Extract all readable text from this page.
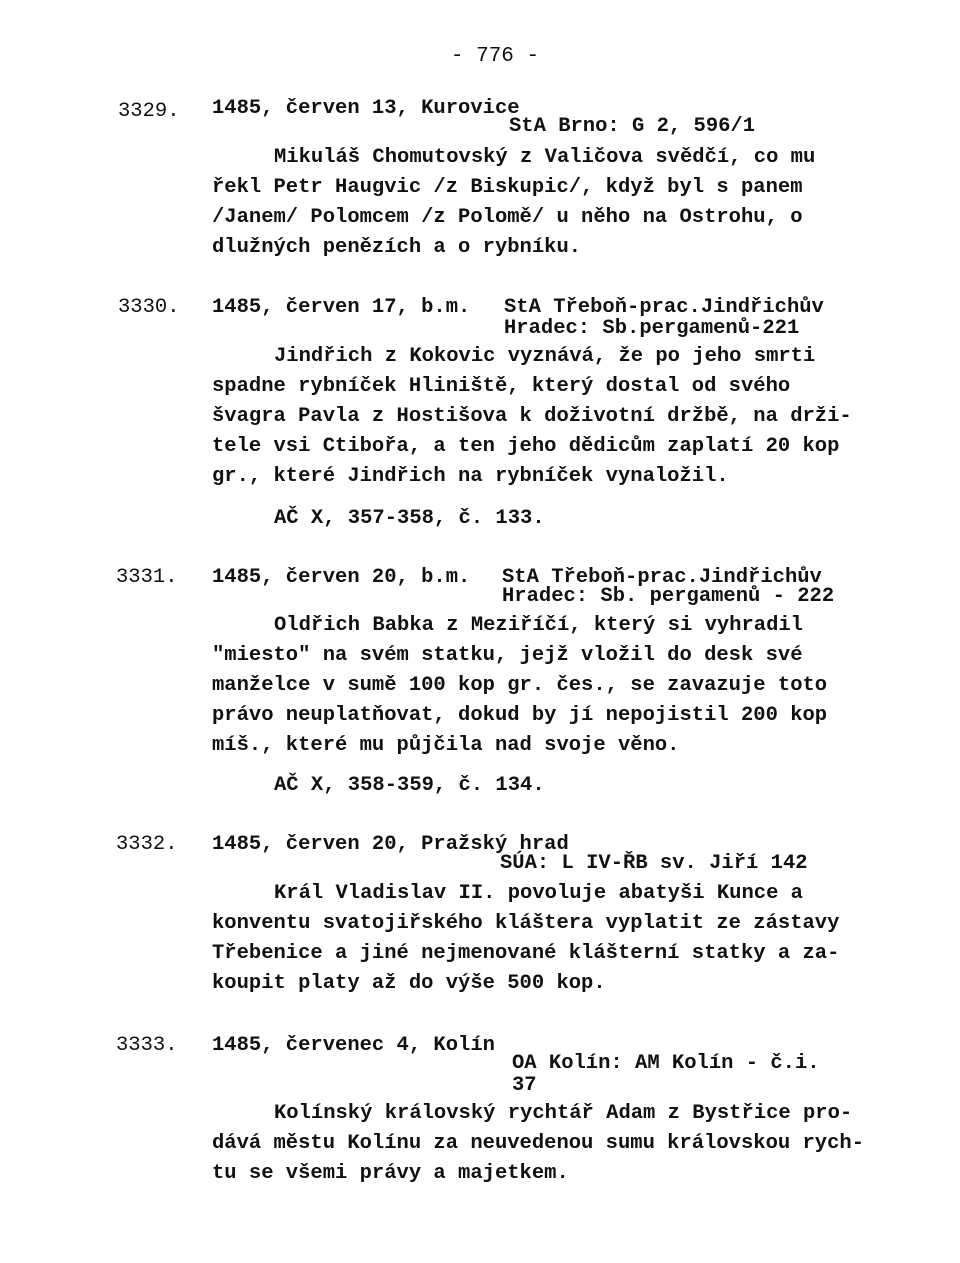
- 776 -
3329. 1485, červen 13, Kurovice
StA Brno: G 2, 596/1
Mikuláš Chomutovský z Valičova svědčí, co mu
řekl Petr Haugvic /z Biskupic/, když byl s panem
/Janem/ Polomcem /z Polomě/ u něho na Ostrohu, o
dlužných penězích a o rybníku.
3330. 1485, červen 17, b.m. StA Třeboň-prac.Jindřichův
Hradec: Sb.pergamenů-221
Jindřich z Kokovic vyznává, že po jeho smrti
spadne rybníček Hliniště, který dostal od svého
švagra Pavla z Hostišova k doživotní držbě, na drži-
tele vsi Ctibořa, a ten jeho dědicům zaplatí 20 kop
gr., které Jindřich na rybníček vynaložil.
AČ X, 357-358, č. 133.
3331. 1485, červen 20, b.m. StA Třeboň-prac.Jindřichův
Hradec: Sb. pergamenů - 222
Oldřich Babka z Meziříčí, který si vyhradil
"miesto" na svém statku, jejž vložil do desk své
manželce v sumě 100 kop gr. čes., se zavazuje toto
právo neuplatňovat, dokud by jí nepojistil 200 kop
míš., které mu půjčila nad svoje věno.
AČ X, 358-359, č. 134.
3332. 1485, červen 20, Pražský hrad
SÚA: L IV-ŘB sv. Jiří 142
Král Vladislav II. povoluje abatyši Kunce a
konventu svatojiřského kláštera vyplatit ze zástavy
Třebenice a jiné nejmenované klášterní statky a za-
koupit platy až do výše 500 kop.
3333. 1485, červenec 4, Kolín
OA Kolín: AM Kolín - č.i.
37
Kolínský královský rychtář Adam z Bystřice pro-
dává městu Kolínu za neuvedenou sumu královskou rych-
tu se všemi právy a majetkem.
